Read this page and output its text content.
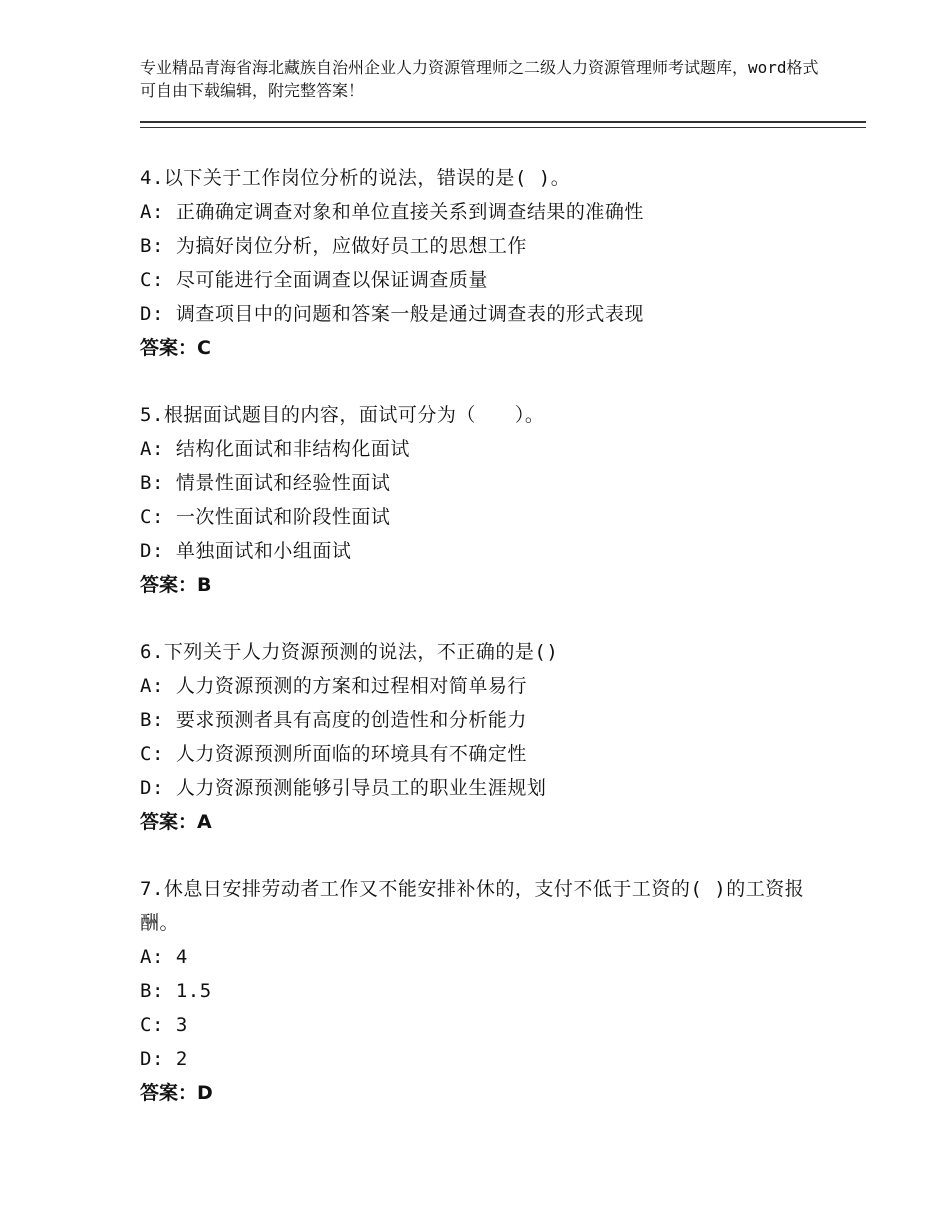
专业精品青海省海北藏族自治州企业人力资源管理师之二级人力资源管理师考试题库，word格式可自由下载编辑，附完整答案！
4.以下关于工作岗位分析的说法，错误的是( )。
A: 正确确定调查对象和单位直接关系到调查结果的准确性
B: 为搞好岗位分析，应做好员工的思想工作
C: 尽可能进行全面调查以保证调查质量
D: 调查项目中的问题和答案一般是通过调查表的形式表现
答案：C
5.根据面试题目的内容，面试可分为（　　）。
A: 结构化面试和非结构化面试
B: 情景性面试和经验性面试
C: 一次性面试和阶段性面试
D: 单独面试和小组面试
答案：B
6.下列关于人力资源预测的说法，不正确的是()
A: 人力资源预测的方案和过程相对简单易行
B: 要求预测者具有高度的创造性和分析能力
C: 人力资源预测所面临的环境具有不确定性
D: 人力资源预测能够引导员工的职业生涯规划
答案：A
7.休息日安排劳动者工作又不能安排补休的，支付不低于工资的( )的工资报酬。
A: 4
B: 1.5
C: 3
D: 2
答案：D
